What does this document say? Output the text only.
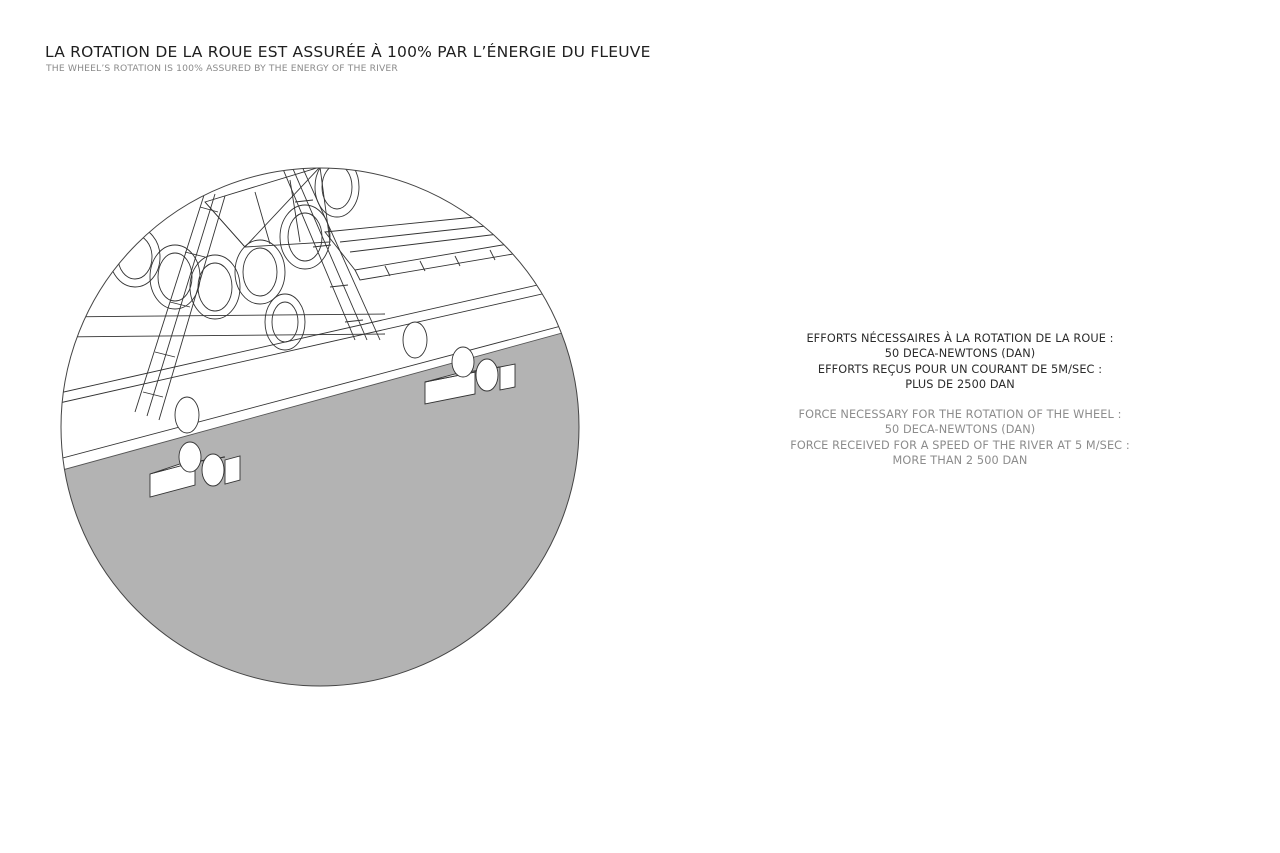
LA ROTATION DE LA ROUE EST ASSURÉE À 100% PAR L’ÉNERGIE DU FLEUVE
THE WHEEL’S ROTATION IS 100% ASSURED BY THE ENERGY OF THE RIVER
EFFORTS NÉCESSAIRES À LA ROTATION DE LA ROUE :
50 DECA-NEWTONS (DAN)
EFFORTS REÇUS POUR UN COURANT DE 5M/SEC :
PLUS DE 2500 DAN
FORCE NECESSARY FOR THE ROTATION OF THE WHEEL :
50 DECA-NEWTONS (DAN)
FORCE RECEIVED FOR A SPEED OF THE RIVER AT 5 M/SEC :
MORE THAN 2 500 DAN
